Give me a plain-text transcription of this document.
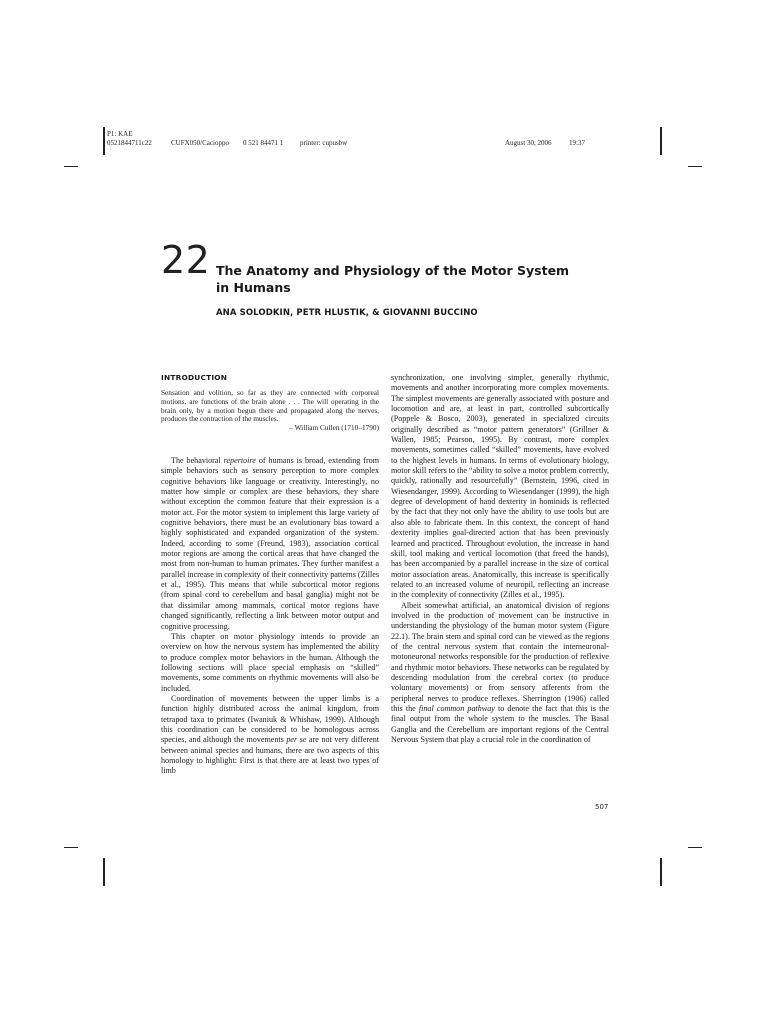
P1: KAE
0521844711c22	CUFX050/Cacioppo 0 521 84471 1 printer: cupusbw	August 30, 2006	19:37
22 The Anatomy and Physiology of the Motor System
in Humans
ANA SOLODKIN, PETR HLUSTIK, & GIOVANNI BUCCINO
INTRODUCTION

Sensation and volition, so far as they are connected with corporeal motions, are functions of the brain alone . . . The will operating in the brain only, by a motion begun there and propagated along the nerves, produces the contraction of the muscles.

– William Cullen (1710–1790)

The behavioral repertoire of humans is broad, extending from simple behaviors such as sensory perception to more complex cognitive behaviors like language or creativity. Interestingly, no matter how simple or complex are these behaviors, they share without exception the common feature that their expression is a motor act. For the motor system to implement this large variety of cognitive behaviors, there must be an evolutionary bias toward a highly sophisticated and expanded organization of the system. Indeed, according to some (Freund, 1983), association cortical motor regions are among the cortical areas that have changed the most from non-human to human primates. They further manifest a parallel increase in complexity of their connectivity patterns (Zilles et al., 1995). This means that while subcortical motor regions (from spinal cord to cerebellum and basal ganglia) might not be that dissimilar among mammals, cortical motor regions have changed significantly, reflecting a link between motor output and cognitive processing.

This chapter on motor physiology intends to provide an overview on how the nervous system has implemented the ability to produce complex motor behaviors in the human. Although the following sections will place special emphasis on “skilled” movements, some comments on rhythmic movements will also be included.

Coordination of movements between the upper limbs is a function highly distributed across the animal kingdom, from tetrapod taxa to primates (Iwaniuk & Whishaw, 1999). Although this coordination can be considered to be homologous across species, and although the movements per se are not very different between animal species and humans, there are two aspects of this homology to highlight: First is that there are at least two types of limb

synchronization, one involving simpler, generally rhythmic, movements and another incorporating more complex movements. The simplest movements are generally associated with posture and locomotion and are, at least in part, controlled subcortically (Poppele & Bosco, 2003), generated in specialized circuits originally described as “motor pattern generators” (Grillner & Wallen, 1985; Pearson, 1995). By contrast, more complex movements, sometimes called “skilled” movements, have evolved to the highest levels in humans. In terms of evolutionary biology, motor skill refers to the “ability to solve a motor problem correctly, quickly, rationally and resourcefully” (Bernstein, 1996, cited in Wiesendanger, 1999). According to Wiesendanger (1999), the high degree of development of hand dexterity in hominids is reflected by the fact that they not only have the ability to use tools but are also able to fabricate them. In this context, the concept of hand dexterity implies goal-directed action that has been previously learned and practiced. Throughout evolution, the increase in hand skill, tool making and vertical locomotion (that freed the hands), has been accompanied by a parallel increase in the size of cortical motor association areas. Anatomically, this increase is specifically related to an increased volume of neuropil, reflecting an increase in the complexity of connectivity (Zilles et al., 1995).

Albeit somewhat artificial, an anatomical division of regions involved in the production of movement can be instructive in understanding the physiology of the human motor system (Figure 22.1). The brain stem and spinal cord can be viewed as the regions of the central nervous system that contain the interneuronal-motoneuronal networks responsible for the production of reflexive and rhythmic motor behaviors. These networks can be regulated by descending modulation from the cerebral cortex (to produce voluntary movements) or from sensory afferents from the peripheral nerves to produce reflexes. Sherrington (1906) called this the final common pathway to denote the fact that this is the final output from the whole system to the muscles. The Basal Ganglia and the Cerebellum are important regions of the Central Nervous System that play a crucial role in the coordination of

507
